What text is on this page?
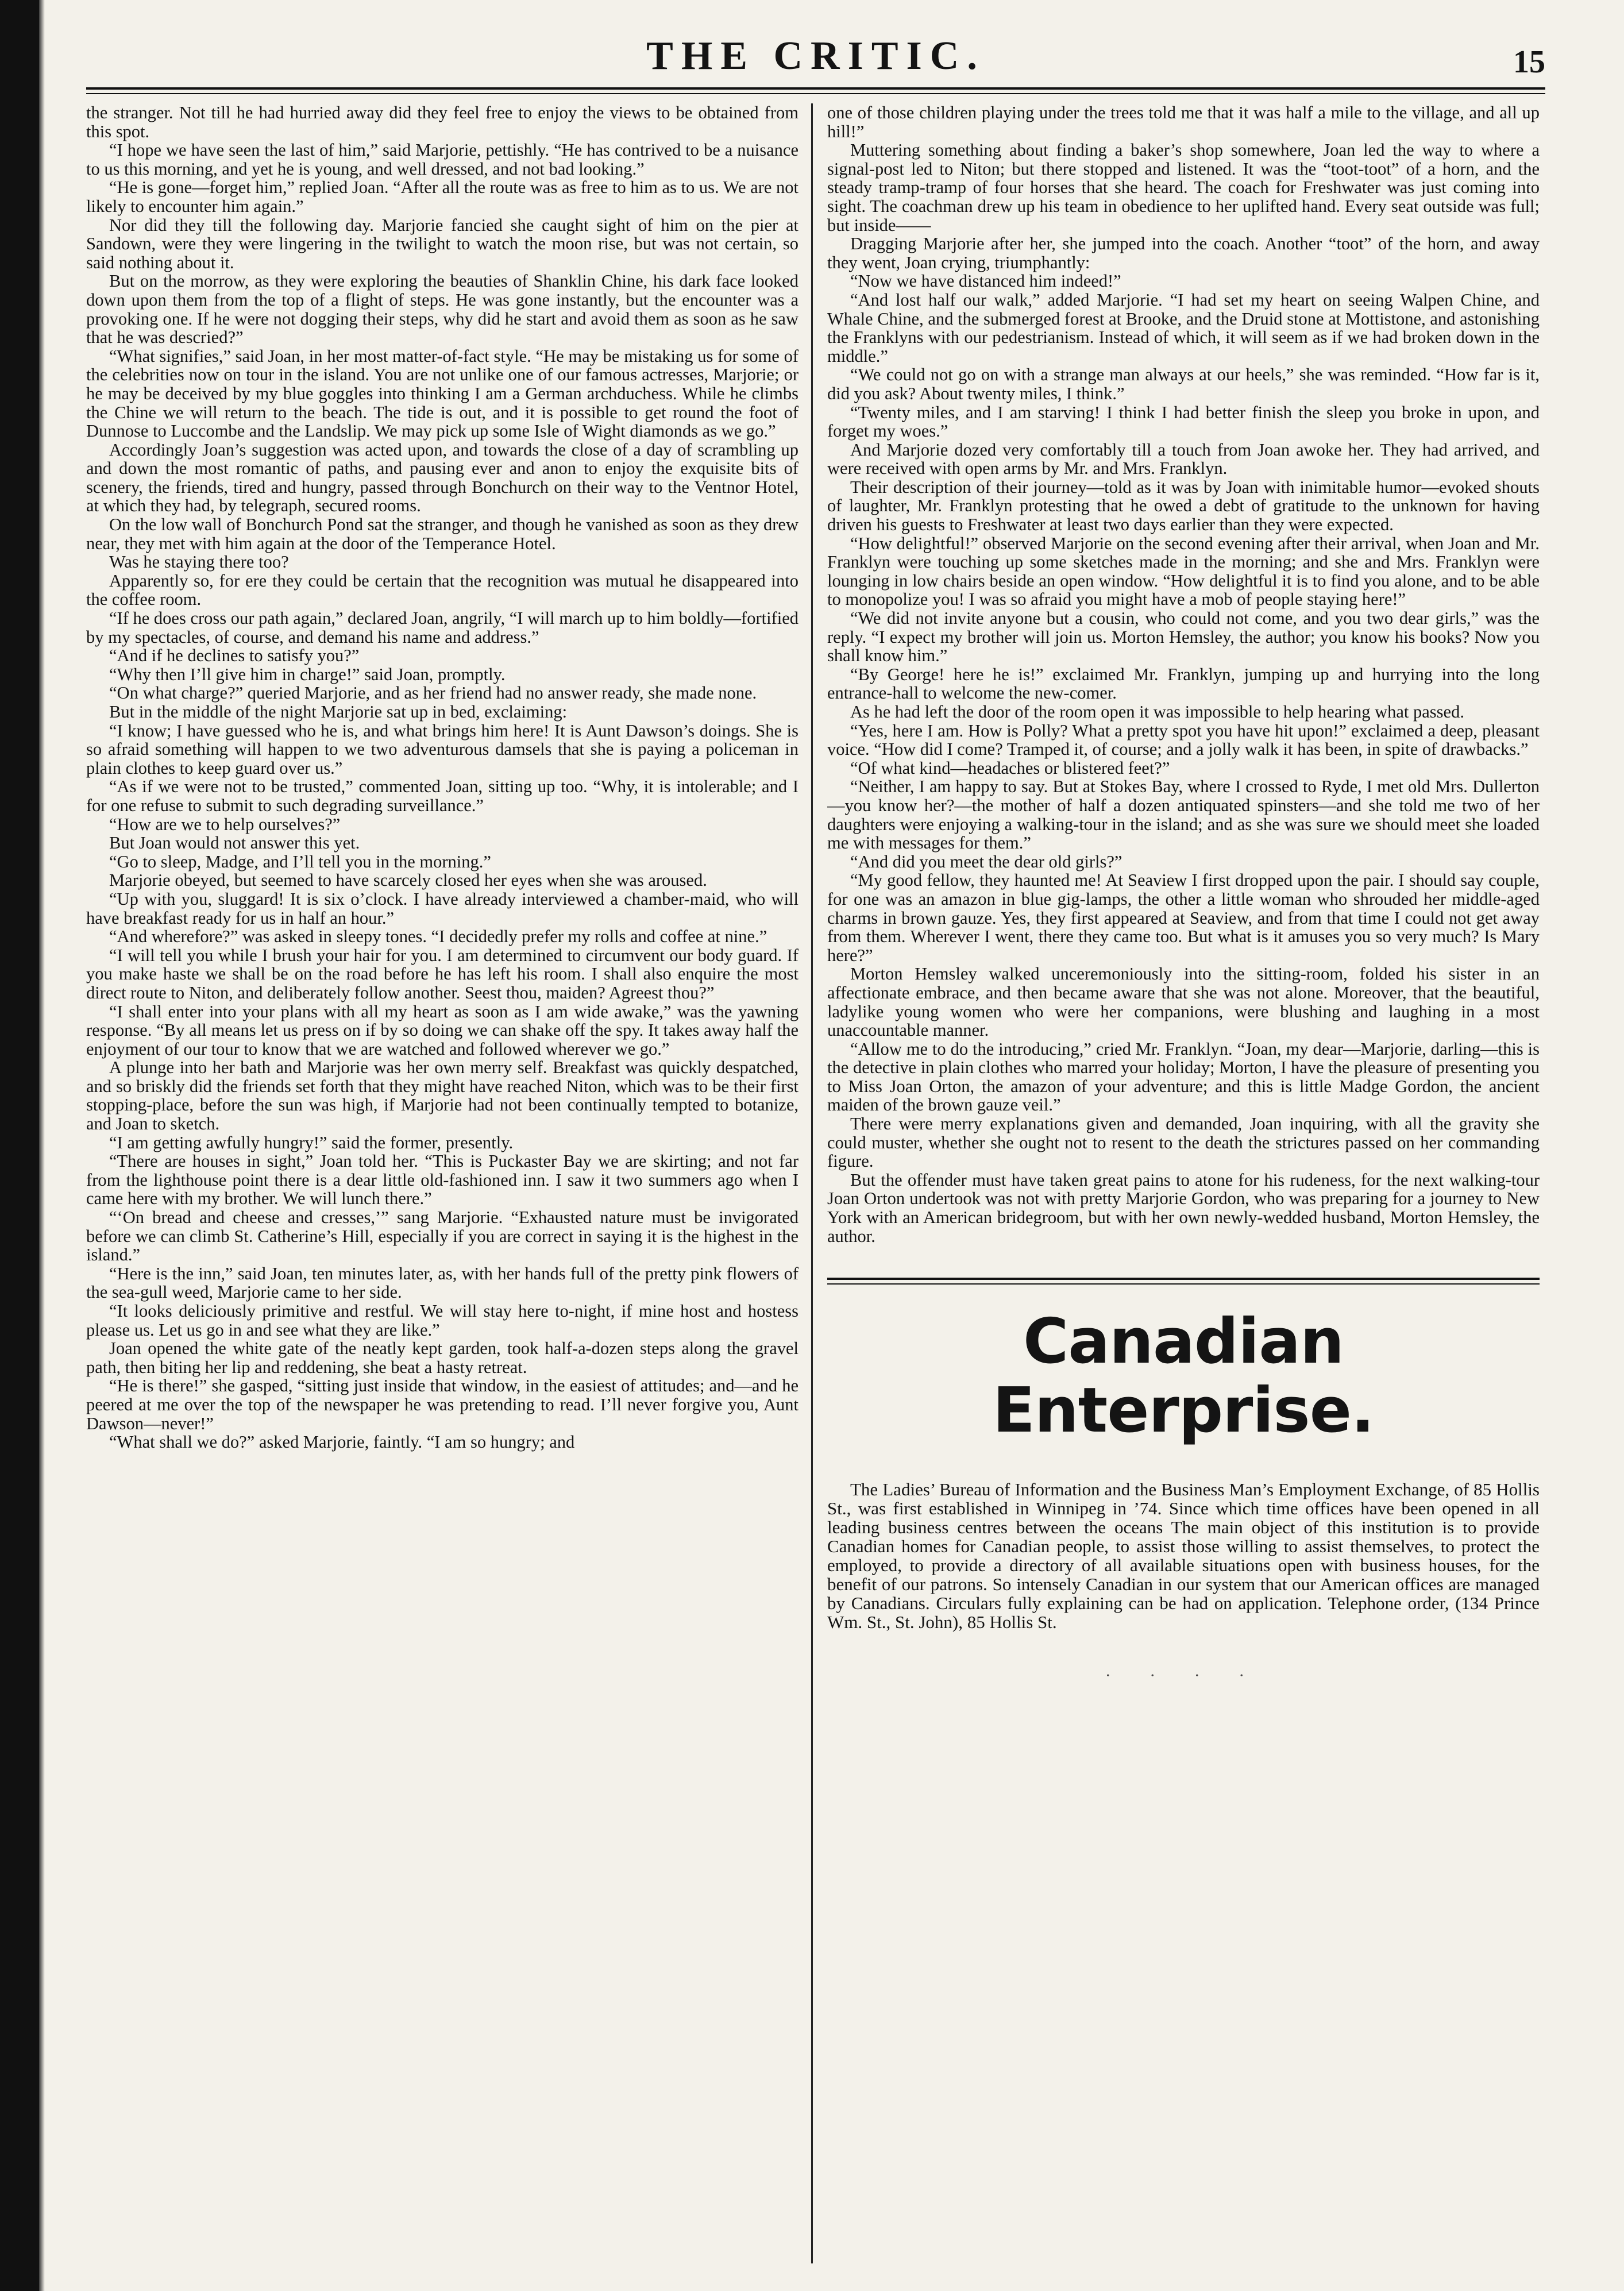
THE CRITIC.	15

the stranger. Not till he had hurried away did they feel free to enjoy the views to be obtained from this spot.

“I hope we have seen the last of him,” said Marjorie, pettishly. “He has contrived to be a nuisance to us this morning, and yet he is young, and well dressed, and not bad looking.”

“He is gone—forget him,” replied Joan. “After all the route was as free to him as to us. We are not likely to encounter him again.”

Nor did they till the following day. Marjorie fancied she caught sight of him on the pier at Sandown, were they were lingering in the twilight to watch the moon rise, but was not certain, so said nothing about it.

But on the morrow, as they were exploring the beauties of Shanklin Chine, his dark face looked down upon them from the top of a flight of steps. He was gone instantly, but the encounter was a provoking one. If he were not dogging their steps, why did he start and avoid them as soon as he saw that he was descried?”

“What signifies,” said Joan, in her most matter-of-fact style. “He may be mistaking us for some of the celebrities now on tour in the island. You are not unlike one of our famous actresses, Marjorie; or he may be deceived by my blue goggles into thinking I am a German archduchess. While he climbs the Chine we will return to the beach. The tide is out, and it is possible to get round the foot of Dunnose to Luccombe and the Landslip. We may pick up some Isle of Wight diamonds as we go.”

Accordingly Joan’s suggestion was acted upon, and towards the close of a day of scrambling up and down the most romantic of paths, and pausing ever and anon to enjoy the exquisite bits of scenery, the friends, tired and hungry, passed through Bonchurch on their way to the Ventnor Hotel, at which they had, by telegraph, secured rooms.

On the low wall of Bonchurch Pond sat the stranger, and though he vanished as soon as they drew near, they met with him again at the door of the Temperance Hotel.

Was he staying there too?

Apparently so, for ere they could be certain that the recognition was mutual he disappeared into the coffee room.

“If he does cross our path again,” declared Joan, angrily, “I will march up to him boldly—fortified by my spectacles, of course, and demand his name and address.”

“And if he declines to satisfy you?”

“Why then I’ll give him in charge!” said Joan, promptly.

“On what charge?” queried Marjorie, and as her friend had no answer ready, she made none.

But in the middle of the night Marjorie sat up in bed, exclaiming:

“I know; I have guessed who he is, and what brings him here! It is Aunt Dawson’s doings. She is so afraid something will happen to we two adventurous damsels that she is paying a policeman in plain clothes to keep guard over us.”

“As if we were not to be trusted,” commented Joan, sitting up too. “Why, it is intolerable; and I for one refuse to submit to such degrading surveillance.”

“How are we to help ourselves?”

But Joan would not answer this yet.

“Go to sleep, Madge, and I’ll tell you in the morning.”

Marjorie obeyed, but seemed to have scarcely closed her eyes when she was aroused.

“Up with you, sluggard! It is six o’clock. I have already interviewed a chamber-maid, who will have breakfast ready for us in half an hour.”

“And wherefore?” was asked in sleepy tones. “I decidedly prefer my rolls and coffee at nine.”

“I will tell you while I brush your hair for you. I am determined to circumvent our body guard. If you make haste we shall be on the road before he has left his room. I shall also enquire the most direct route to Niton, and deliberately follow another. Seest thou, maiden? Agreest thou?”

“I shall enter into your plans with all my heart as soon as I am wide awake,” was the yawning response. “By all means let us press on if by so doing we can shake off the spy. It takes away half the enjoyment of our tour to know that we are watched and followed wherever we go.”

A plunge into her bath and Marjorie was her own merry self. Breakfast was quickly despatched, and so briskly did the friends set forth that they might have reached Niton, which was to be their first stopping-place, before the sun was high, if Marjorie had not been continually tempted to botanize, and Joan to sketch.

“I am getting awfully hungry!” said the former, presently.

“There are houses in sight,” Joan told her. “This is Puckaster Bay we are skirting; and not far from the lighthouse point there is a dear little old-fashioned inn. I saw it two summers ago when I came here with my brother. We will lunch there.”

“‘On bread and cheese and cresses,’” sang Marjorie. “Exhausted nature must be invigorated before we can climb St. Catherine’s Hill, especially if you are correct in saying it is the highest in the island.”

“Here is the inn,” said Joan, ten minutes later, as, with her hands full of the pretty pink flowers of the sea-gull weed, Marjorie came to her side.

“It looks deliciously primitive and restful. We will stay here to-night, if mine host and hostess please us. Let us go in and see what they are like.”

Joan opened the white gate of the neatly kept garden, took half-a-dozen steps along the gravel path, then biting her lip and reddening, she beat a hasty retreat.

“He is there!” she gasped, “sitting just inside that window, in the easiest of attitudes; and—and he peered at me over the top of the newspaper he was pretending to read. I’ll never forgive you, Aunt Dawson—never!”

“What shall we do?” asked Marjorie, faintly. “I am so hungry; and

one of those children playing under the trees told me that it was half a mile to the village, and all up hill!”

Muttering something about finding a baker’s shop somewhere, Joan led the way to where a signal-post led to Niton; but there stopped and listened. It was the “toot-toot” of a horn, and the steady tramp-tramp of four horses that she heard. The coach for Freshwater was just coming into sight. The coachman drew up his team in obedience to her uplifted hand. Every seat outside was full; but inside——

Dragging Marjorie after her, she jumped into the coach. Another “toot” of the horn, and away they went, Joan crying, triumphantly:

“Now we have distanced him indeed!”

“And lost half our walk,” added Marjorie. “I had set my heart on seeing Walpen Chine, and Whale Chine, and the submerged forest at Brooke, and the Druid stone at Mottistone, and astonishing the Franklyns with our pedestrianism. Instead of which, it will seem as if we had broken down in the middle.”

“We could not go on with a strange man always at our heels,” she was reminded. “How far is it, did you ask? About twenty miles, I think.”

“Twenty miles, and I am starving! I think I had better finish the sleep you broke in upon, and forget my woes.”

And Marjorie dozed very comfortably till a touch from Joan awoke her. They had arrived, and were received with open arms by Mr. and Mrs. Franklyn.

Their description of their journey—told as it was by Joan with inimitable humor—evoked shouts of laughter, Mr. Franklyn protesting that he owed a debt of gratitude to the unknown for having driven his guests to Freshwater at least two days earlier than they were expected.

“How delightful!” observed Marjorie on the second evening after their arrival, when Joan and Mr. Franklyn were touching up some sketches made in the morning; and she and Mrs. Franklyn were lounging in low chairs beside an open window. “How delightful it is to find you alone, and to be able to monopolize you! I was so afraid you might have a mob of people staying here!”

“We did not invite anyone but a cousin, who could not come, and you two dear girls,” was the reply. “I expect my brother will join us. Morton Hemsley, the author; you know his books? Now you shall know him.”

“By George! here he is!” exclaimed Mr. Franklyn, jumping up and hurrying into the long entrance-hall to welcome the new-comer.

As he had left the door of the room open it was impossible to help hearing what passed.

“Yes, here I am. How is Polly? What a pretty spot you have hit upon!” exclaimed a deep, pleasant voice. “How did I come? Tramped it, of course; and a jolly walk it has been, in spite of drawbacks.”

“Of what kind—headaches or blistered feet?”

“Neither, I am happy to say. But at Stokes Bay, where I crossed to Ryde, I met old Mrs. Dullerton—you know her?—the mother of half a dozen antiquated spinsters—and she told me two of her daughters were enjoying a walking-tour in the island; and as she was sure we should meet she loaded me with messages for them.”

“And did you meet the dear old girls?”

“My good fellow, they haunted me! At Seaview I first dropped upon the pair. I should say couple, for one was an amazon in blue gig-lamps, the other a little woman who shrouded her middle-aged charms in brown gauze. Yes, they first appeared at Seaview, and from that time I could not get away from them. Wherever I went, there they came too. But what is it amuses you so very much? Is Mary here?”

Morton Hemsley walked unceremoniously into the sitting-room, folded his sister in an affectionate embrace, and then became aware that she was not alone. Moreover, that the beautiful, ladylike young women who were her companions, were blushing and laughing in a most unaccountable manner.

“Allow me to do the introducing,” cried Mr. Franklyn. “Joan, my dear—Marjorie, darling—this is the detective in plain clothes who marred your holiday; Morton, I have the pleasure of presenting you to Miss Joan Orton, the amazon of your adventure; and this is little Madge Gordon, the ancient maiden of the brown gauze veil.”

There were merry explanations given and demanded, Joan inquiring, with all the gravity she could muster, whether she ought not to resent to the death the strictures passed on her commanding figure.

But the offender must have taken great pains to atone for his rudeness, for the next walking-tour Joan Orton undertook was not with pretty Marjorie Gordon, who was preparing for a journey to New York with an American bridegroom, but with her own newly-wedded husband, Morton Hemsley, the author.

Canadian Enterprise.

The Ladies’ Bureau of Information and the Business Man’s Employment Exchange, of 85 Hollis St., was first established in Winnipeg in ’74. Since which time offices have been opened in all leading business centres between the oceans The main object of this institution is to provide Canadian homes for Canadian people, to assist those willing to assist themselves, to protect the employed, to provide a directory of all available situations open with business houses, for the benefit of our patrons. So intensely Canadian in our system that our American offices are managed by Canadians. Circulars fully explaining can be had on application. Telephone order, (134 Prince Wm. St., St. John), 85 Hollis St.

· · · ·
